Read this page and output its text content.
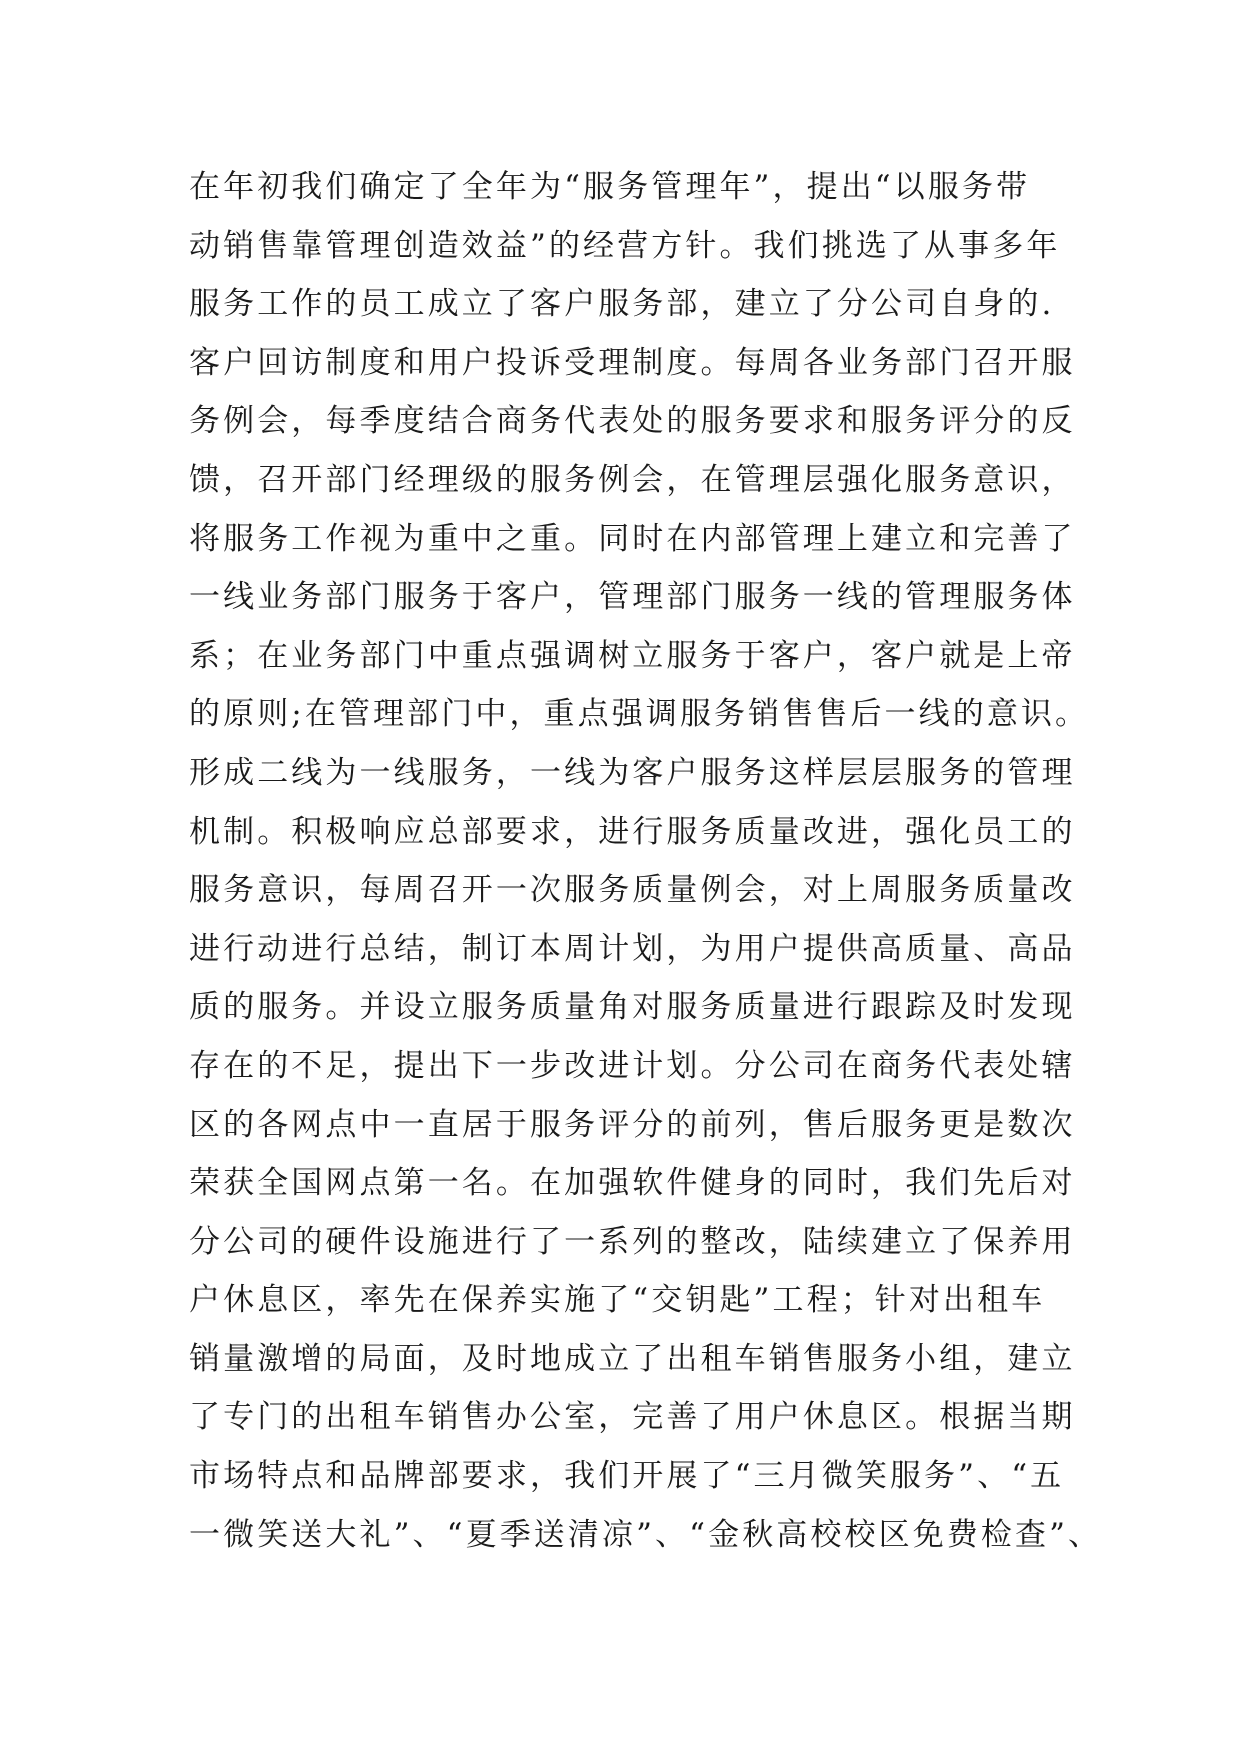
在年初我们确定了全年为“服务管理年”，提出“以服务带
动销售靠管理创造效益”的经营方针。我们挑选了从事多年
服务工作的员工成立了客户服务部，建立了分公司自身的.
客户回访制度和用户投诉受理制度。每周各业务部门召开服
务例会，每季度结合商务代表处的服务要求和服务评分的反
馈，召开部门经理级的服务例会，在管理层强化服务意识，
将服务工作视为重中之重。同时在内部管理上建立和完善了
一线业务部门服务于客户，管理部门服务一线的管理服务体
系；在业务部门中重点强调树立服务于客户，客户就是上帝
的原则;在管理部门中，重点强调服务销售售后一线的意识。
形成二线为一线服务，一线为客户服务这样层层服务的管理
机制。积极响应总部要求，进行服务质量改进，强化员工的
服务意识，每周召开一次服务质量例会，对上周服务质量改
进行动进行总结，制订本周计划，为用户提供高质量、高品
质的服务。并设立服务质量角对服务质量进行跟踪及时发现
存在的不足，提出下一步改进计划。分公司在商务代表处辖
区的各网点中一直居于服务评分的前列，售后服务更是数次
荣获全国网点第一名。在加强软件健身的同时，我们先后对
分公司的硬件设施进行了一系列的整改，陆续建立了保养用
户休息区，率先在保养实施了“交钥匙”工程；针对出租车
销量激增的局面，及时地成立了出租车销售服务小组，建立
了专门的出租车销售办公室，完善了用户休息区。根据当期
市场特点和品牌部要求，我们开展了“三月微笑服务”、“五
一微笑送大礼”、“夏季送清凉”、“金秋高校校区免费检查”、
